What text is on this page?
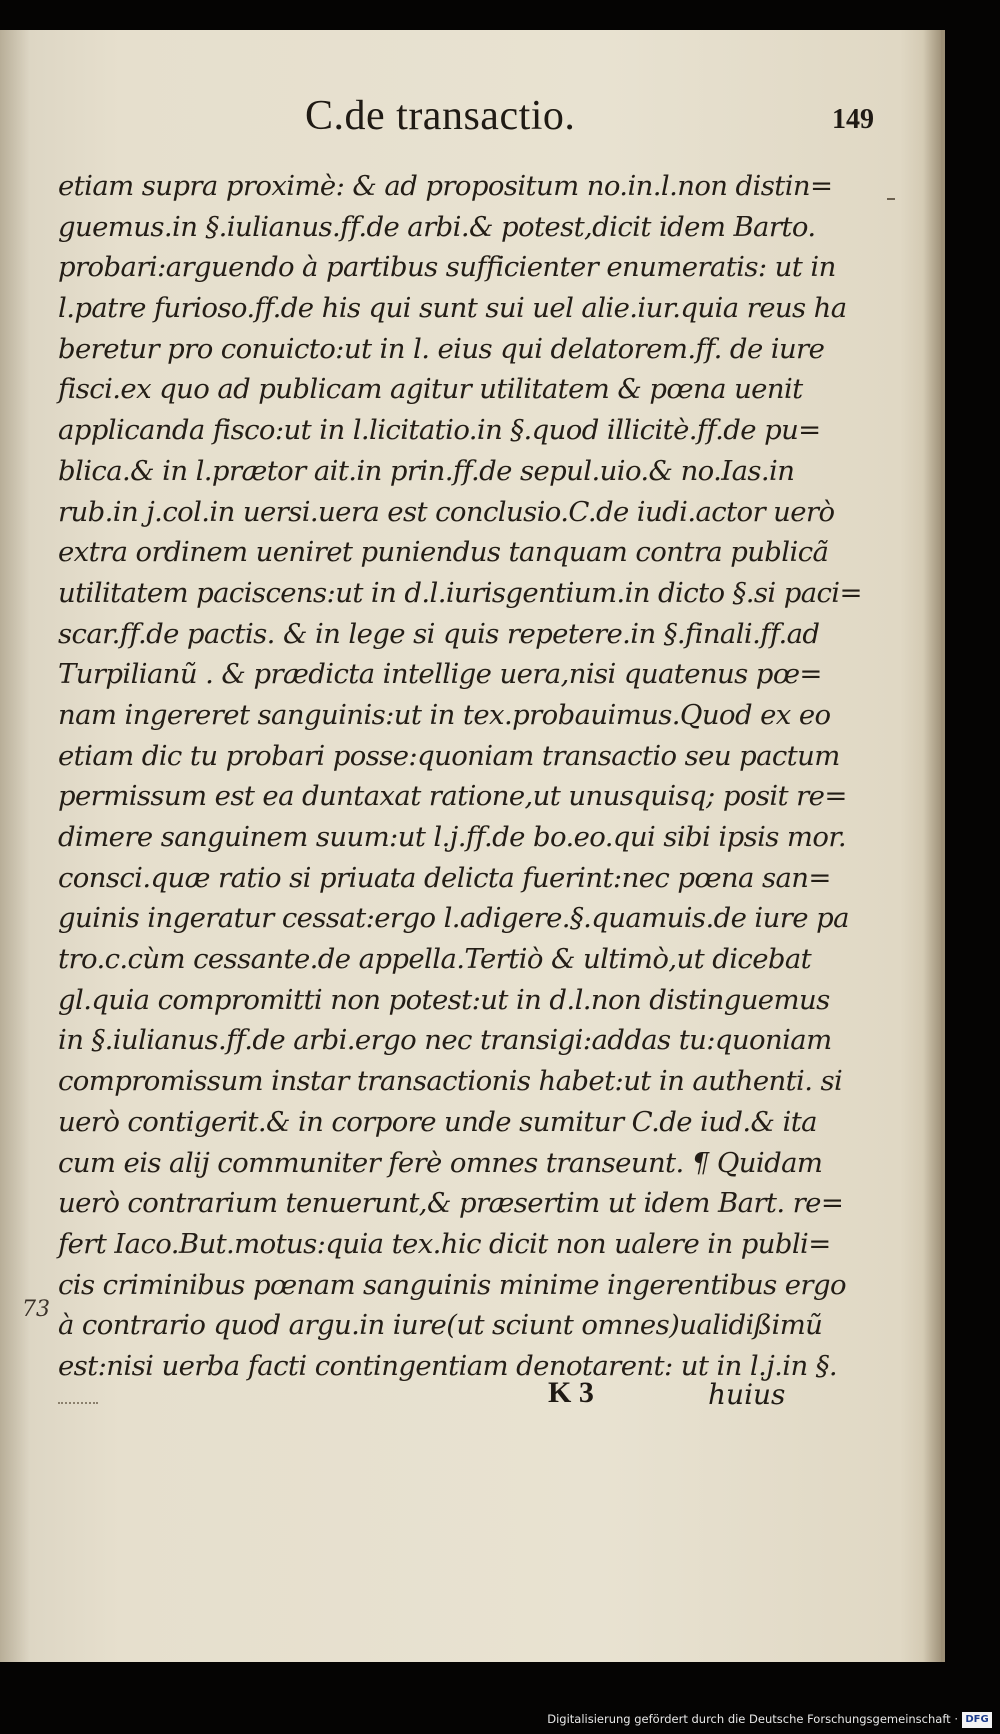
C.de transactio.	149
etiam supra proximè: & ad propositum no.in.l.non distin=
guemus.in §.iulianus.ff.de arbi.& potest,dicit idem Barto.
probari:arguendo à partibus sufficienter enumeratis: ut in
l.patre furioso.ff.de his qui sunt sui uel alie.iur.quia reus ha
beretur pro conuicto:ut in l. eius qui delatorem.ff. de iure
fisci.ex quo ad publicam agitur utilitatem & pœna uenit
applicanda fisco:ut in l.licitatio.in §.quod illicitè.ff.de pu=
blica.& in l.prætor ait.in prin.ff.de sepul.uio.& no.Ias.in
rub.in j.col.in uersi.uera est conclusio.C.de iudi.actor uerò
extra ordinem ueniret puniendus tanquam contra publicã
utilitatem paciscens:ut in d.l.iurisgentium.in dicto §.si paci=
scar.ff.de pactis. & in lege si quis repetere.in §.finali.ff.ad
Turpilianũ . & prædicta intellige uera,nisi quatenus pœ=
nam ingereret sanguinis:ut in tex.probauimus.Quod ex eo
etiam dic tu probari posse:quoniam transactio seu pactum
permissum est ea duntaxat ratione,ut unusquisq; posit re=
dimere sanguinem suum:ut l.j.ff.de bo.eo.qui sibi ipsis mor.
consci.quæ ratio si priuata delicta fuerint:nec pœna san=
guinis ingeratur cessat:ergo l.adigere.§.quamuis.de iure pa
tro.c.cùm cessante.de appella.Tertiò & ultimò,ut dicebat
gl.quia compromitti non potest:ut in d.l.non distinguemus
in §.iulianus.ff.de arbi.ergo nec transigi:addas tu:quoniam
compromissum instar transactionis habet:ut in authenti. si
uerò contigerit.& in corpore unde sumitur C.de iud.& ita
cum eis alij communiter ferè omnes transeunt. ¶ Quidam
uerò contrarium tenuerunt,& præsertim ut idem Bart. re=
fert Iaco.But.motus:quia tex.hic dicit non ualere in publi=
cis criminibus pœnam sanguinis minime ingerentibus ergo
à contrario quod argu.in iure(ut sciunt omnes)ualidißimũ
est:nisi uerba facti contingentiam denotarent: ut in l.j.in §.
73
K 3	huius
Digitalisierung gefördert durch die Deutsche Forschungsgemeinschaft · DFG
